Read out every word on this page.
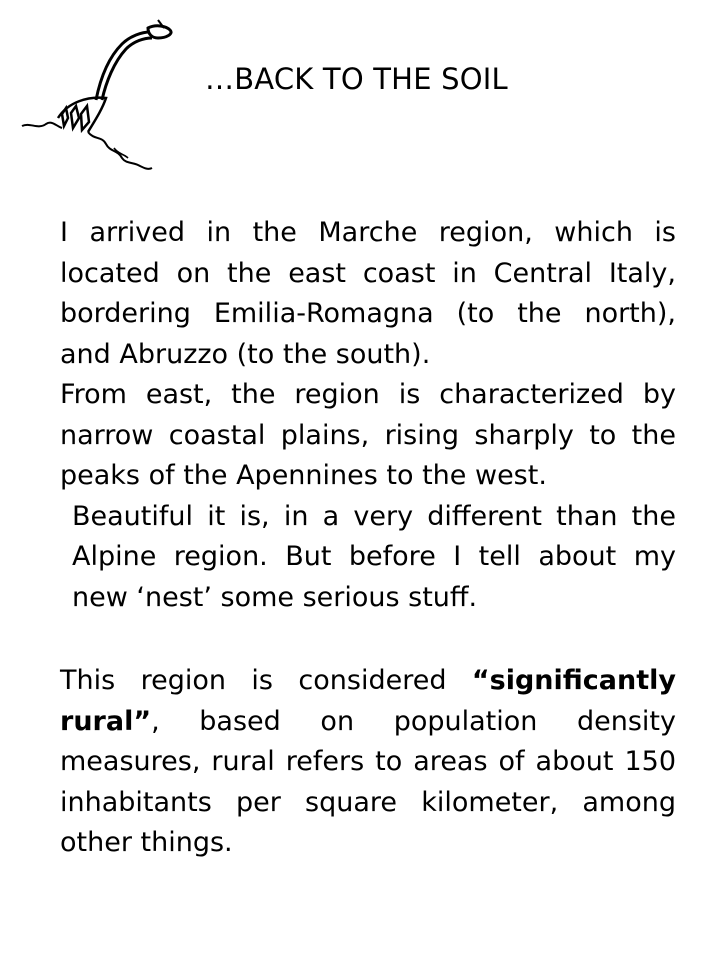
…BACK TO THE SOIL

I arrived in the Marche region, which is located on the east coast in Central Italy, bordering Emilia-Romagna (to the north), and Abruzzo (to the south).

From east, the region is characterized by narrow coastal plains, rising sharply to the peaks of the Apennines to the west.

Beautiful it is, in a very different than the Alpine region. But before I tell about my new ‘nest’ some serious stuff.

This region is considered “significantly rural”, based on population density measures, rural refers to areas of about 150 inhabitants per square kilometer, among other things.
